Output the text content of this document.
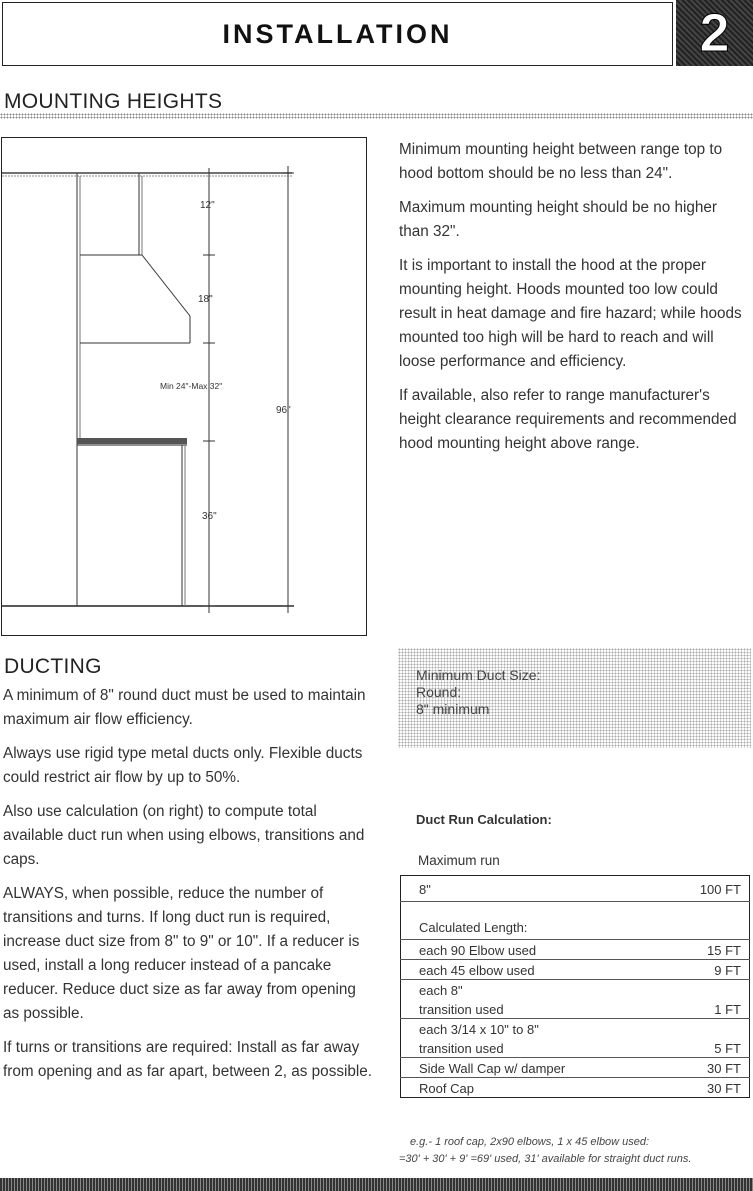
INSTALLATION	2
MOUNTING HEIGHTS
12"
18"
Min 24"-Max 32"
96"
36"

Minimum mounting height between range top to hood bottom should be no less than 24".

Maximum mounting height should be no higher than 32".

It is important to install the hood at the proper mounting height. Hoods mounted too low could result in heat damage and fire hazard; while hoods mounted too high will be hard to reach and will loose performance and efficiency.

If available, also refer to range manufacturer's height clearance requirements and recommended hood mounting height above range.

DUCTING

A minimum of 8" round duct must be used to maintain maximum air flow efficiency.

Always use rigid type metal ducts only. Flexible ducts could restrict air flow by up to 50%.

Also use calculation (on right) to compute total available duct run when using elbows, transitions and caps.

ALWAYS, when possible, reduce the number of transitions and turns. If long duct run is required, increase duct size from 8" to 9" or 10". If a reducer is used, install a long reducer instead of a pancake reducer. Reduce duct size as far away from opening as possible.

If turns or transitions are required: Install as far away from opening and as far apart, between 2, as possible.

Minimum Duct Size:
Round:
8" minimum
Duct Run Calculation:
Maximum run
8"	100 FT
Calculated Length:	
each 90 Elbow used	15 FT
each 45 elbow used	9 FT
each 8"	
transition used	1 FT
each 3/14 x 10" to 8"	
transition used	5 FT
Side Wall Cap w/ damper	30 FT
Roof Cap	30 FT
e.g.- 1 roof cap, 2x90 elbows, 1 x 45 elbow used:
=30' + 30' + 9' =69' used, 31' available for straight duct runs.
